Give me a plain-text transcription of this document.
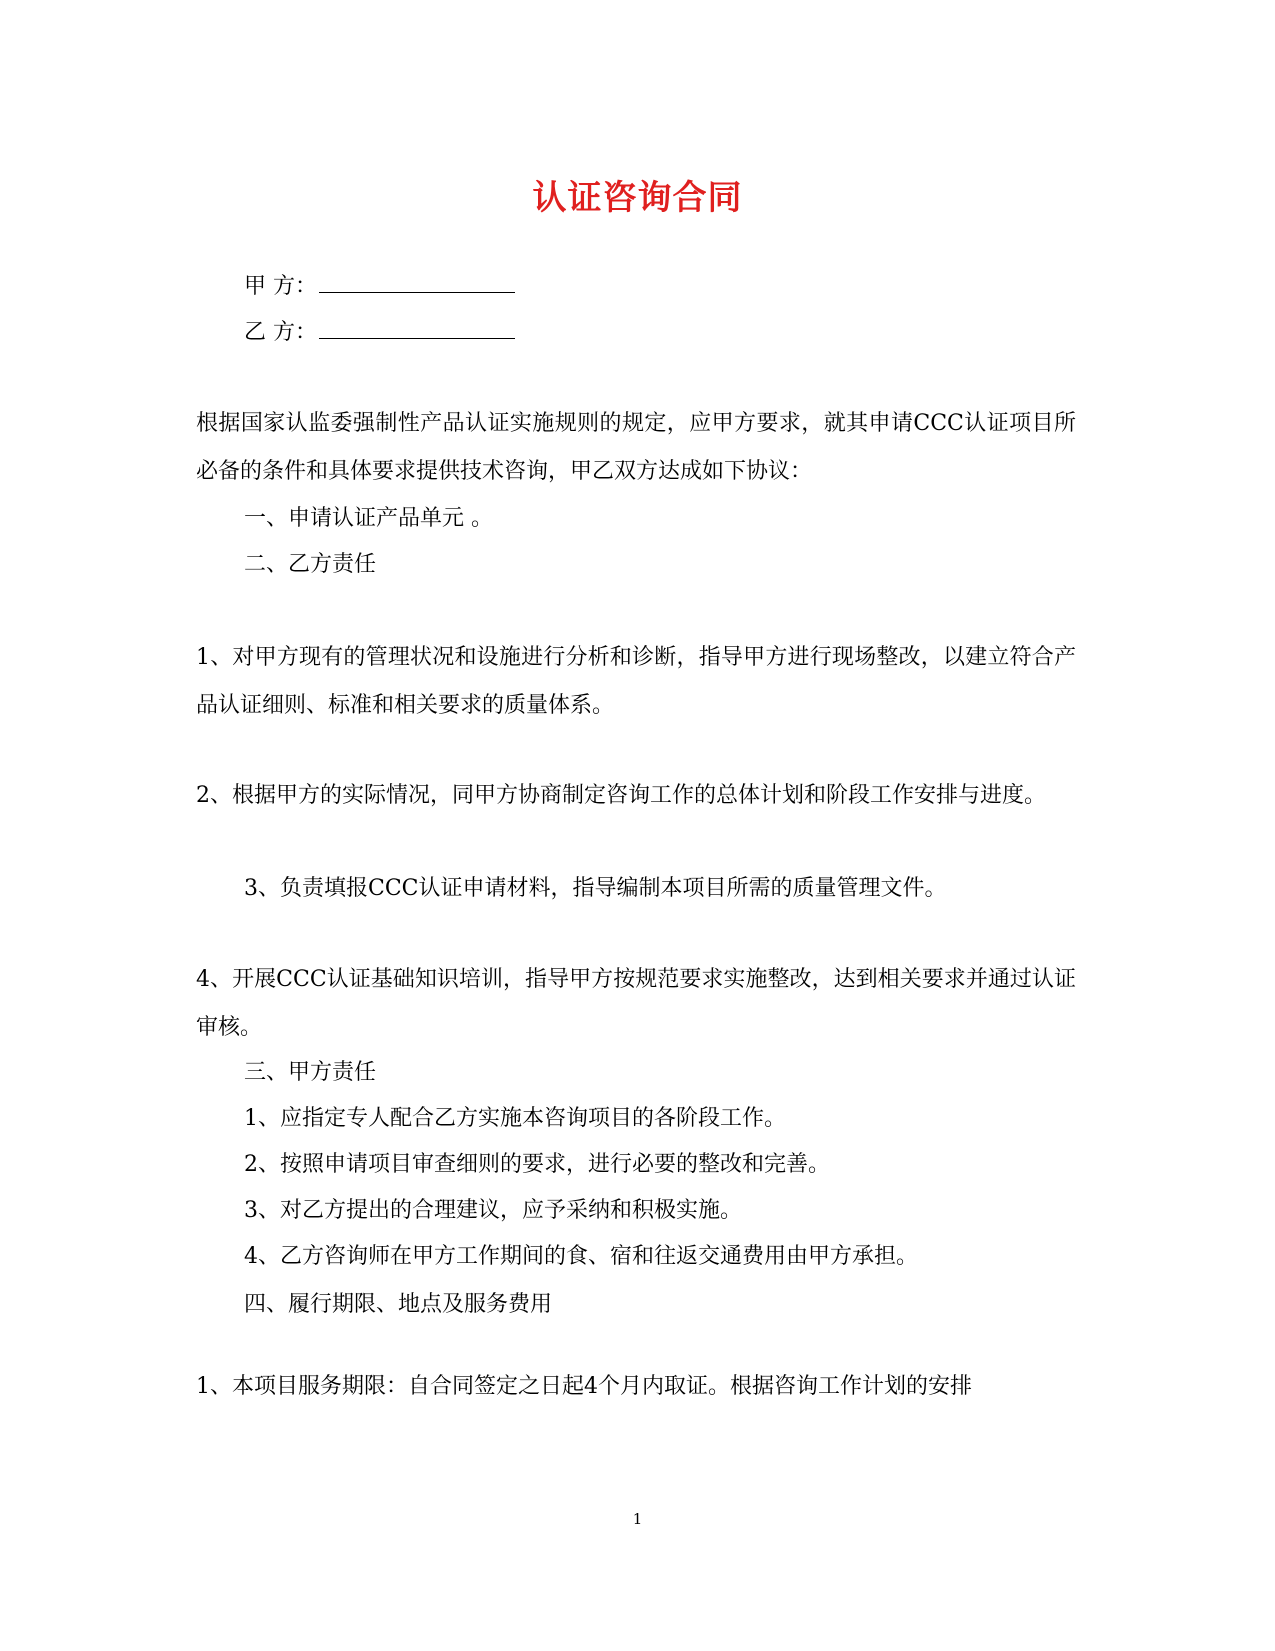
认证咨询合同
甲 方：
乙 方：
根据国家认监委强制性产品认证实施规则的规定，应甲方要求，就其申请CCC认证项目所必备的条件和具体要求提供技术咨询，甲乙双方达成如下协议：
一、申请认证产品单元 。
二、乙方责任
1、对甲方现有的管理状况和设施进行分析和诊断，指导甲方进行现场整改，以建立符合产品认证细则、标准和相关要求的质量体系。
2、根据甲方的实际情况，同甲方协商制定咨询工作的总体计划和阶段工作安排与进度。
3、负责填报CCC认证申请材料，指导编制本项目所需的质量管理文件。
4、开展CCC认证基础知识培训，指导甲方按规范要求实施整改，达到相关要求并通过认证审核。
三、甲方责任
1、应指定专人配合乙方实施本咨询项目的各阶段工作。
2、按照申请项目审查细则的要求，进行必要的整改和完善。
3、对乙方提出的合理建议，应予采纳和积极实施。
4、乙方咨询师在甲方工作期间的食、宿和往返交通费用由甲方承担。
四、履行期限、地点及服务费用
1、本项目服务期限：自合同签定之日起4个月内取证。根据咨询工作计划的安排
1
